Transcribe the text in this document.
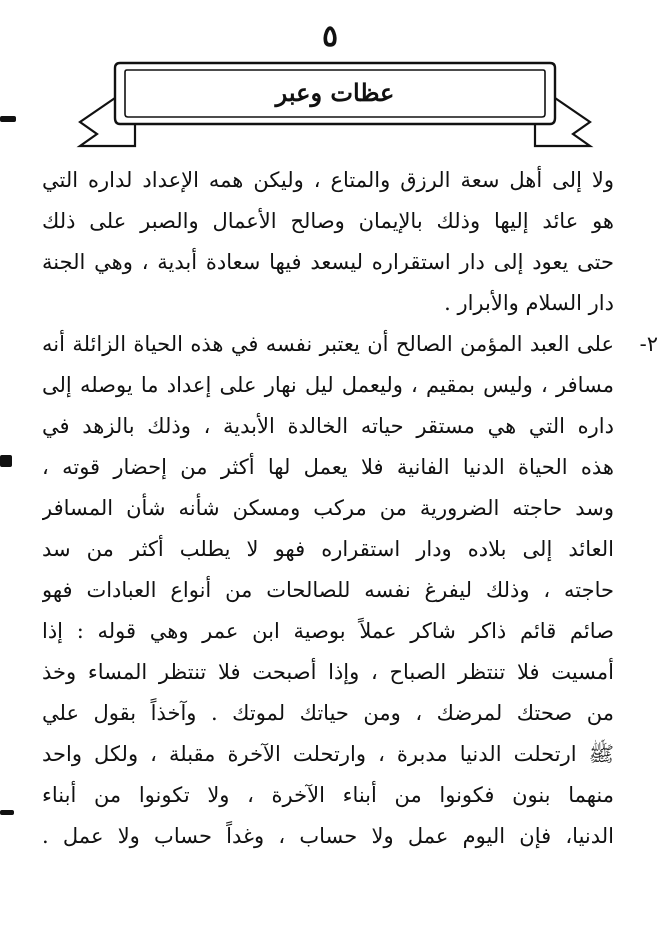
٥
عظات وعبر
ولا إلى أهل سعة الرزق والمتاع ، وليكن همه الإعداد لداره التي
هو عائد إليها وذلك بالإيمان وصالح الأعمال والصبر على ذلك
حتى يعود إلى دار استقراره ليسعد فيها سعادة أبدية ، وهي الجنة
دار السلام والأبرار .
٢-
على العبد المؤمن الصالح أن يعتبر نفسه في هذه الحياة الزائلة أنه
مسافر ، وليس بمقيم ، وليعمل ليل نهار على إعداد ما يوصله إلى
داره التي هي مستقر حياته الخالدة الأبدية ، وذلك بالزهد في
هذه الحياة الدنيا الفانية فلا يعمل لها أكثر من إحضار قوته ،
وسد حاجته الضرورية من مركب ومسكن شأنه شأن المسافر
العائد إلى بلاده ودار استقراره فهو لا يطلب أكثر من سد
حاجته ، وذلك ليفرغ نفسه للصالحات من أنواع العبادات فهو
صائم قائم ذاكر شاكر عملاً بوصية ابن عمر وهي قوله : إذا
أمسيت فلا تنتظر الصباح ، وإذا أصبحت فلا تنتظر المساء وخذ
من صحتك لمرضك ، ومن حياتك لموتك . وآخذاً بقول علي
ﷺ ارتحلت الدنيا مدبرة ، وارتحلت الآخرة مقبلة ، ولكل واحد
منهما بنون فكونوا من أبناء الآخرة ، ولا تكونوا من أبناء
الدنيا، فإن اليوم عمل ولا حساب ، وغداً حساب ولا عمل .
